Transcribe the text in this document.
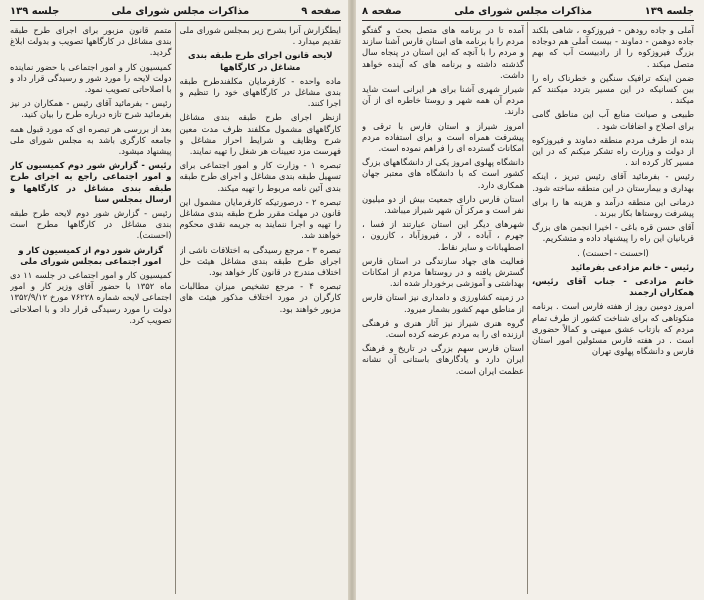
صفحه ۹
مذاکرات مجلس شورای ملی
جلسه ۱۳۹

ایطگزارش آنرا بشرح زیر بمجلس شورای ملی تقدیم میدارد .

لایحه قانون اجرای طرح طبقه بندی مشاغل در کارگاهها

ماده واحده - کارفرمایان مکلفندطرح طبقه بندی مشاغل در کارگاههای خود را تنظیم و اجرا کنند.

ازنظر اجرای طرح طبقه بندی مشاغل کارگاههای مشمول مکلفند ظرف مدت معین شرح وظایف و شرایط احراز مشاغل و فهرست مزد تعیینات هر شغل را تهیه نمایند.

تبصره ۱ - وزارت کار و امور اجتماعی برای تسهیل طبقه بندی مشاغل و اجرای طرح طبقه بندی آئین نامه مربوط را تهیه میکند.

تبصره ۲ - درصورتیکه کارفرمایان مشمول این قانون در مهلت مقرر طرح طبقه بندی مشاغل را تهیه و اجرا ننمایند به جریمه نقدی محکوم خواهند شد.

تبصره ۳ - مرجع رسیدگی به اختلافات ناشی از اجرای طرح طبقه بندی مشاغل هیئت حل اختلاف مندرج در قانون کار خواهد بود.

تبصره ۴ - مرجع تشخیص میزان مطالبات کارگران در مورد اختلاف مذکور هیئت های مزبور خواهند بود.

متمم قانون مزبور برای اجرای طرح طبقه بندی مشاغل در کارگاهها تصویب و بدولت ابلاغ گردید.

کمیسیون کار و امور اجتماعی با حضور نماینده دولت لایحه را مورد شور و رسیدگی قرار داد و با اصلاحاتی تصویب نمود.

رئیس - بفرمائید آقای رئیس - همکاران در نیز بفرمائید شرح تازه درباره طرح را بیان کنید.

بعد از بررسی هر تبصره ای که مورد قبول همه جامعه کارگری باشد به مجلس شورای ملی پیشنهاد میشود.

رئیس - گزارش شور دوم کمیسیون کار و امور اجتماعی راجع به اجرای طرح طبقه بندی مشاغل در کارگاهها و ارسال بمجلس سنا

رئیس - گزارش شور دوم لایحه طرح طبقه بندی مشاغل در کارگاهها مطرح است (احسنت).

گزارش شور دوم از کمیسیون کار و امور اجتماعی بمجلس شورای ملی

کمیسیون کار و امور اجتماعی در جلسه ۱۱ دی ماه ۱۳۵۲ با حضور آقای وزیر کار و امور اجتماعی لایحه شماره ۷۶۲۲۸ مورخ ۱۳۵۲/۹/۱۲ دولت را مورد رسیدگی قرار داد و با اصلاحاتی تصویب کرد.

جلسه ۱۳۹
مذاکرات مجلس شورای ملی
صفحه ۸

آملی و جاده رودهن - فیروزکوه ، شاهی بلکند جاده دوهمن - دماوند - بیست آملی هم دوجاده بزرگ فیروزکوه را از رادبیست آب که بهم متصل میکند .

ضمن اینکه ترافیک سنگین و خطرناک راه را بین کسانیکه در این مسیر بتردد میکنند کم میکند .

طبیعی و صیانت منابع آب این مناطق گامی برای اصلاح و اضافات شود .

بنده از طرف مردم منطقه دماوند و فیروزکوه از دولت و وزارت راه تشکر میکنم که در این مسیر کار کرده اند .

رئیس - بفرمائید آقای رئیس تبریز ، اینکه بهداری و بیمارستان در این منطقه ساخته شود.

درمانی این منطقه درآمد و هزینه ها را برای پیشرفت روستاها بکار ببرند .

آقای حسن قره باغی - اخیرا انجمن های بزرگ قربانیان این راه را پیشنهاد داده و متشکریم.

(احسنت - احسنت) .

رئیس - خانم مزادعی بفرمائید

خانم مزادعی - جناب آقای رئیس، همکاران ارجمند

امروز دومین روز از هفته فارس است . برنامه منکوتاهی که برای شناخت کشور از طرف تمام مردم که بازتاب عشق میهنی و کمالاً حضوری است . در هفته فارس مسئولین امور استان فارس و دانشگاه پهلوی تهران

آمده تا در برنامه های متصل بحث و گفتگو مردم را با برنامه های استان فارس آشنا سازند و مردم را با آنچه که این استان در پنجاه سال گذشته داشته و برنامه های که آینده خواهد داشت.

شیراز شهری آشنا برای هر ایرانی است شاید مردم آن همه شهر و روستا خاطره ای از آن دارند.

امروز شیراز و استان فارس با ترقی و پیشرفت همراه است و برای استفاده مردم امکانات گسترده ای را فراهم نموده است.

دانشگاه پهلوی امروز یکی از دانشگاههای بزرگ کشور است که با دانشگاه های معتبر جهان همکاری دارد.

استان فارس دارای جمعیت بیش از دو میلیون نفر است و مرکز آن شهر شیراز میباشد.

شهرهای دیگر این استان عبارتند از فسا ، جهرم ، آباده ، لار ، فیروزآباد ، کازرون ، اصطهبانات و سایر نقاط.

فعالیت های جهاد سازندگی در استان فارس گسترش یافته و در روستاها مردم از امکانات بهداشتی و آموزشی برخوردار شده اند.

در زمینه کشاورزی و دامداری نیز استان فارس از مناطق مهم کشور بشمار میرود.

گروه هنری شیراز نیز آثار هنری و فرهنگی ارزنده ای را به مردم عرضه کرده است.

استان فارس سهم بزرگی در تاریخ و فرهنگ ایران دارد و یادگارهای باستانی آن نشانه عظمت ایران است.
